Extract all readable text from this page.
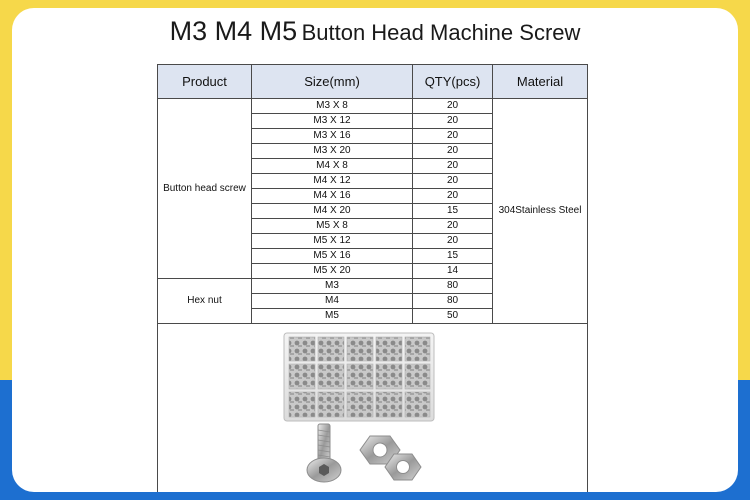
M3 M4 M5 Button Head Machine Screw
Product	Size(mm)	QTY(pcs)	Material
Button head screw	M3 X 8	20	304Stainless Steel
	M3 X 12	20	
	M3 X 16	20	
	M3 X 20	20	
	M4 X 8	20	
	M4 X 12	20	
	M4 X 16	20	
	M4 X 20	15	
	M5 X 8	20	
	M5 X 12	20	
	M5 X 16	15	
	M5 X 20	14	
Hex nut	M3	80	
	M4	80	
	M5	50	
